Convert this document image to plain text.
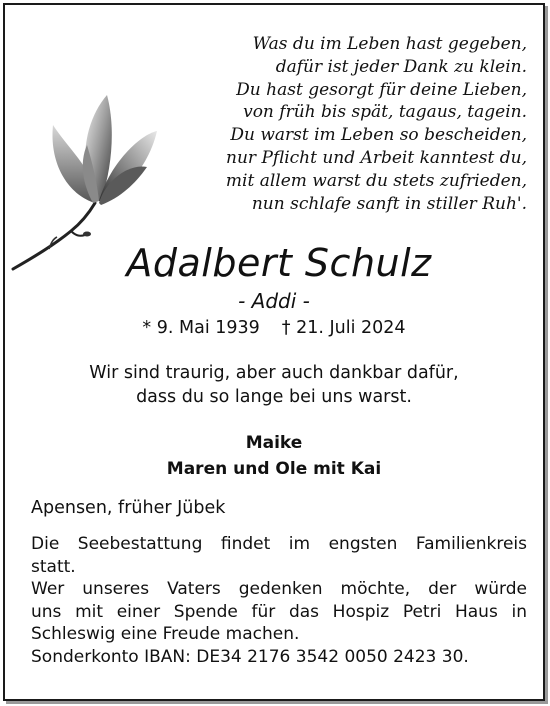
Was du im Leben hast gegeben,
dafür ist jeder Dank zu klein.
Du hast gesorgt für deine Lieben,
von früh bis spät, tagaus, tagein.
Du warst im Leben so bescheiden,
nur Pflicht und Arbeit kanntest du,
mit allem warst du stets zufrieden,
nun schlafe sanft in stiller Ruh'.
Adalbert Schulz
- Addi -
* 9. Mai 1939 † 21. Juli 2024
Wir sind traurig, aber auch dankbar dafür,
dass du so lange bei uns warst.
Maike
Maren und Ole mit Kai
Apensen, früher Jübek
Die Seebestattung findet im engsten Familienkreis
statt.
Wer unseres Vaters gedenken möchte, der würde
uns mit einer Spende für das Hospiz Petri Haus in
Schleswig eine Freude machen.
Sonderkonto IBAN: DE34 2176 3542 0050 2423 30.
